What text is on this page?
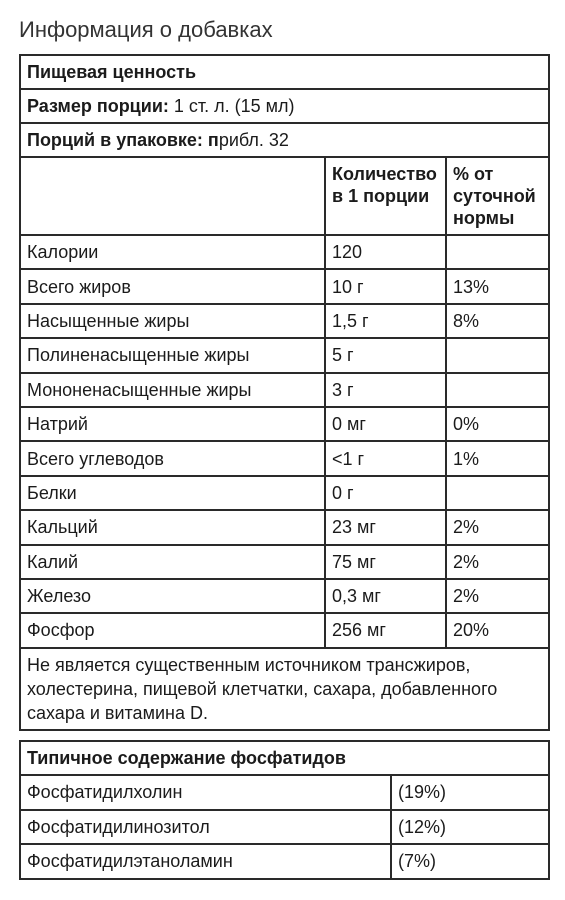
Информация о добавках
Пищевая ценность		
Размер порции: 1 ст. л. (15 мл)		
Порций в упаковке: прибл. 32		
	Количество в 1 порции	% от суточной нормы
Калории	120	
Всего жиров	10 г	13%
Насыщенные жиры	1,5 г	8%
Полиненасыщенные жиры	5 г	
Мононенасыщенные жиры	3 г	
Натрий	0 мг	0%
Всего углеводов	<1 г	1%
Белки	0 г	
Кальций	23 мг	2%
Калий	75 мг	2%
Железо	0,3 мг	2%
Фосфор	256 мг	20%
Не является существенным источником трансжиров, холестерина, пищевой клетчатки, сахара, добавленного сахара и витамина D.		
Типичное содержание фосфатидов	
Фосфатидилхолин	(19%)
Фосфатидилинозитол	(12%)
Фосфатидилэтаноламин	(7%)
